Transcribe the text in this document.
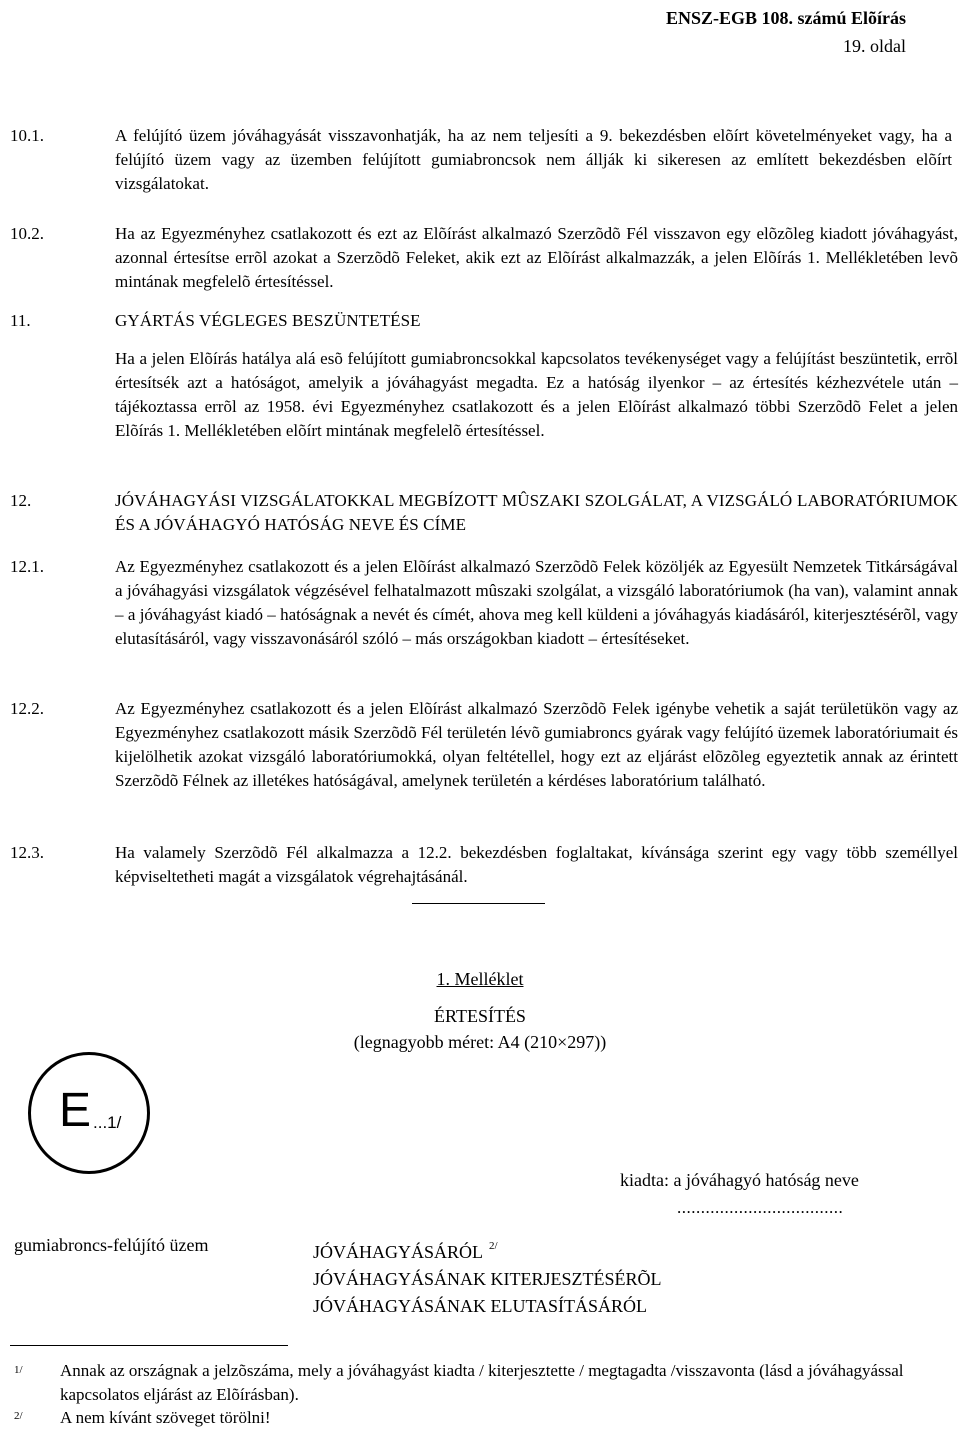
ENSZ-EGB 108. számú Elõírás
19. oldal
10.1.	A felújító üzem jóváhagyását visszavonhatják, ha az nem teljesíti a 9. bekezdésben elõírt követelményeket vagy, ha a felújító üzem vagy az üzemben felújított gumiabroncsok nem állják ki sikeresen az említett bekezdésben elõírt vizsgálatokat.
10.2.	Ha az Egyezményhez csatlakozott és ezt az Elõírást alkalmazó Szerzõdõ Fél visszavon egy elõzõleg kiadott jóváhagyást, azonnal értesítse errõl azokat a Szerzõdõ Feleket, akik ezt az Elõírást alkalmazzák, a jelen Elõírás 1. Mellékletében levõ mintának megfelelõ értesítéssel.
11.	GYÁRTÁS VÉGLEGES BESZÜNTETÉSE
Ha a jelen Elõírás hatálya alá esõ felújított gumiabroncsokkal kapcsolatos tevékenységet vagy a felújítást beszüntetik, errõl értesítsék azt a hatóságot, amelyik a jóváhagyást megadta. Ez a hatóság ilyenkor – az értesítés kézhezvétele után – tájékoztassa errõl az 1958. évi Egyezményhez csatlakozott és a jelen Elõírást alkalmazó többi Szerzõdõ Felet a jelen Elõírás 1. Mellékletében elõírt mintának megfelelõ értesítéssel.
12.	JÓVÁHAGYÁSI VIZSGÁLATOKKAL MEGBÍZOTT MÛSZAKI SZOLGÁLAT, A VIZSGÁLÓ LABORATÓRIUMOK ÉS A JÓVÁHAGYÓ HATÓSÁG NEVE ÉS CÍME
12.1.	Az Egyezményhez csatlakozott és a jelen Elõírást alkalmazó Szerzõdõ Felek közöljék az Egyesült Nemzetek Titkárságával a jóváhagyási vizsgálatok végzésével felhatalmazott mûszaki szolgálat, a vizsgáló laboratóriumok (ha van), valamint annak – a jóváhagyást kiadó – hatóságnak a nevét és címét, ahova meg kell küldeni a jóváhagyás kiadásáról, kiterjesztésérõl, vagy elutasításáról, vagy visszavonásáról szóló – más országokban kiadott – értesítéseket.
12.2.	Az Egyezményhez csatlakozott és a jelen Elõírást alkalmazó Szerzõdõ Felek igénybe vehetik a saját területükön vagy az Egyezményhez csatlakozott másik Szerzõdõ Fél területén lévõ gumiabroncs gyárak vagy felújító üzemek laboratóriumait és kijelölhetik azokat vizsgáló laboratóriumokká, olyan feltétellel, hogy ezt az eljárást elõzõleg egyeztetik annak az érintett Szerzõdõ Félnek az illetékes hatóságával, amelynek területén a kérdéses laboratórium található.
12.3.	Ha valamely Szerzõdõ Fél alkalmazza a 12.2. bekezdésben foglaltakat, kívánsága szerint egy vagy több személlyel képviseltetheti magát a vizsgálatok végrehajtásánál.
1. Melléklet
ÉRTESÍTÉS
(legnagyobb méret: A4 (210×297))
E ...1/
kiadta: a jóváhagyó hatóság neve
...................................
gumiabroncs-felújító üzem	JÓVÁHAGYÁSÁRÓL $^{2/}$
JÓVÁHAGYÁSÁNAK KITERJESZTÉSÉRÕL
JÓVÁHAGYÁSÁNAK ELUTASÍTÁSÁRÓL
1/ Annak az országnak a jelzõszáma, mely a jóváhagyást kiadta / kiterjesztette / megtagadta /visszavonta (lásd a jóváhagyással kapcsolatos eljárást az Elõírásban).
2/ A nem kívánt szöveget törölni!
